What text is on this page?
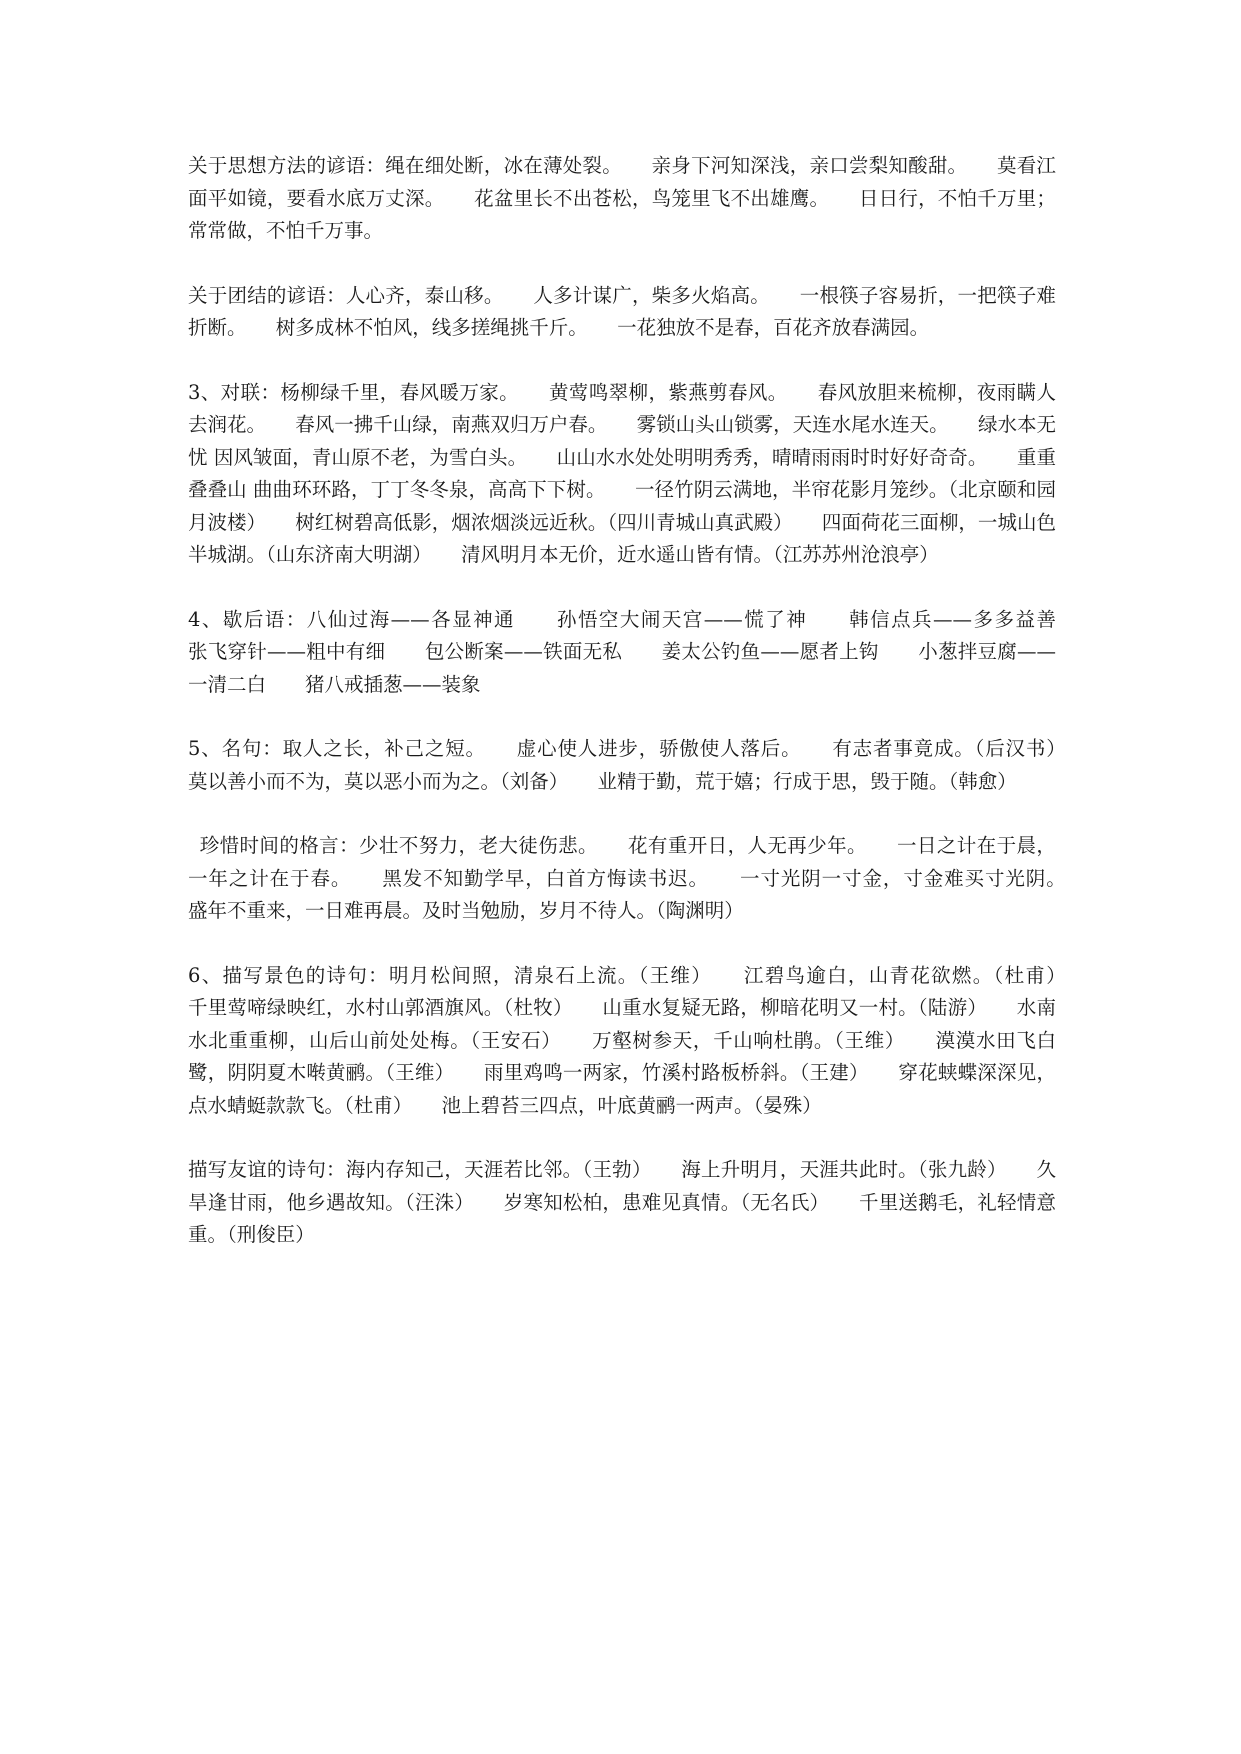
关于思想方法的谚语：绳在细处断，冰在薄处裂。 亲身下河知深浅，亲口尝梨知酸甜。 莫看江面平如镜，要看水底万丈深。 花盆里长不出苍松，鸟笼里飞不出雄鹰。 日日行，不怕千万里；常常做，不怕千万事。

关于团结的谚语：人心齐，泰山移。 人多计谋广，柴多火焰高。 一根筷子容易折，一把筷子难折断。 树多成林不怕风，线多搓绳挑千斤。 一花独放不是春，百花齐放春满园。

3、对联：杨柳绿千里，春风暖万家。 黄莺鸣翠柳，紫燕剪春风。 春风放胆来梳柳，夜雨瞒人去润花。 春风一拂千山绿，南燕双归万户春。 雾锁山头山锁雾，天连水尾水连天。 绿水本无忧 因风皱面，青山原不老，为雪白头。 山山水水处处明明秀秀，晴晴雨雨时时好好奇奇。 重重叠叠山 曲曲环环路，丁丁冬冬泉，高高下下树。 一径竹阴云满地，半帘花影月笼纱。（北京颐和园月波楼） 树红树碧高低影，烟浓烟淡远近秋。（四川青城山真武殿） 四面荷花三面柳，一城山色半城湖。（山东济南大明湖） 清风明月本无价，近水遥山皆有情。（江苏苏州沧浪亭）

4、歇后语：八仙过海——各显神通 孙悟空大闹天宫——慌了神 韩信点兵——多多益善张飞穿针——粗中有细 包公断案——铁面无私 姜太公钓鱼——愿者上钩 小葱拌豆腐——一清二白 猪八戒插葱——装象

5、名句：取人之长，补己之短。 虚心使人进步，骄傲使人落后。 有志者事竟成。（后汉书）莫以善小而不为，莫以恶小而为之。（刘备） 业精于勤，荒于嬉；行成于思，毁于随。（韩愈）

珍惜时间的格言：少壮不努力，老大徒伤悲。 花有重开日，人无再少年。 一日之计在于晨，一年之计在于春。 黑发不知勤学早，白首方悔读书迟。 一寸光阴一寸金，寸金难买寸光阴。盛年不重来，一日难再晨。及时当勉励，岁月不待人。（陶渊明）

6、描写景色的诗句：明月松间照，清泉石上流。（王维） 江碧鸟逾白，山青花欲燃。（杜甫）千里莺啼绿映红，水村山郭酒旗风。（杜牧） 山重水复疑无路，柳暗花明又一村。（陆游） 水南水北重重柳，山后山前处处梅。（王安石） 万壑树参天，千山响杜鹃。（王维） 漠漠水田飞白鹭，阴阴夏木啭黄鹂。（王维） 雨里鸡鸣一两家，竹溪村路板桥斜。（王建） 穿花蛱蝶深深见，点水蜻蜓款款飞。（杜甫） 池上碧苔三四点，叶底黄鹂一两声。（晏殊）

描写友谊的诗句：海内存知己，天涯若比邻。（王勃） 海上升明月，天涯共此时。（张九龄） 久旱逢甘雨，他乡遇故知。（汪洙） 岁寒知松柏，患难见真情。（无名氏） 千里送鹅毛，礼轻情意重。（刑俊臣）
